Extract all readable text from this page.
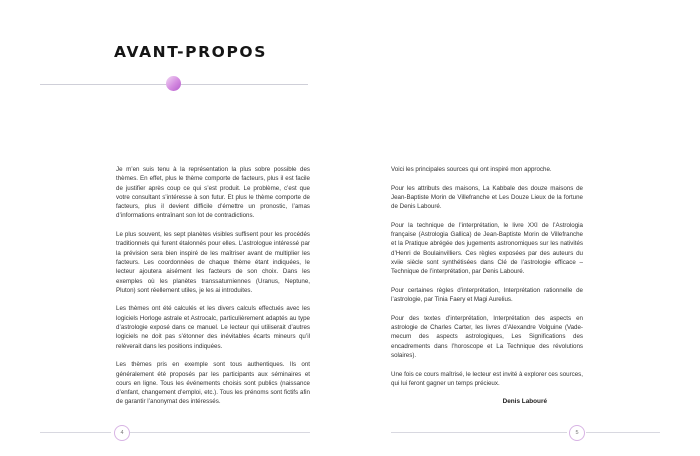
AVANT-PROPOS

Je m’en suis tenu à la représentation la plus sobre possible des thèmes. En effet, plus le thème comporte de facteurs, plus il est facile de justifier après coup ce qui s’est produit. Le problème, c’est que votre consultant s’intéresse à son futur. Et plus le thème comporte de facteurs, plus il devient difficile d’émettre un pronostic, l’amas d’informations entraînant son lot de contradictions.

Le plus souvent, les sept planètes visibles suffisent pour les procédés traditionnels qui furent étalonnés pour elles. L’astrologue intéressé par la prévision sera bien inspiré de les maîtriser avant de multiplier les facteurs. Les coordonnées de chaque thème étant indiquées, le lecteur ajoutera aisément les facteurs de son choix. Dans les exemples où les planètes transsaturniennes (Uranus, Neptune, Pluton) sont réellement utiles, je les ai introduites.

Les thèmes ont été calculés et les divers calculs effectués avec les logiciels Horloge astrale et Astrocalc, particulièrement adaptés au type d’astrologie exposé dans ce manuel. Le lecteur qui utiliserait d’autres logiciels ne doit pas s’étonner des inévitables écarts mineurs qu’il relèverait dans les positions indiquées.

Les thèmes pris en exemple sont tous authentiques. Ils ont généralement été proposés par les participants aux séminaires et cours en ligne. Tous les événements choisis sont publics (naissance d’enfant, changement d’emploi, etc.). Tous les prénoms sont fictifs afin de garantir l’anonymat des intéressés.

Voici les principales sources qui ont inspiré mon approche.

Pour les attributs des maisons, La Kabbale des douze maisons de Jean-Baptiste Morin de Villefranche et Les Douze Lieux de la fortune de Denis Labouré.

Pour la technique de l’interprétation, le livre XXI de l’Astrologia française (Astrologia Gallica) de Jean-Baptiste Morin de Villefranche et la Pratique abrégée des jugements astronomiques sur les nativités d’Henri de Boulainvilliers. Ces règles exposées par des auteurs du xviie siècle sont synthétisées dans Clé de l’astrologie efficace – Technique de l’interprétation, par Denis Labouré.

Pour certaines règles d’interprétation, Interprétation rationnelle de l’astrologie, par Tinia Faery et Magi Aurelius.

Pour des textes d’interprétation, Interprétation des aspects en astrologie de Charles Carter, les livres d’Alexandre Volguine (Vade-mecum des aspects astrologiques, Les Significations des encadrements dans l’horoscope et La Technique des révolutions solaires).

Une fois ce cours maîtrisé, le lecteur est invité à explorer ces sources, qui lui feront gagner un temps précieux.

Denis Labouré
4	5
